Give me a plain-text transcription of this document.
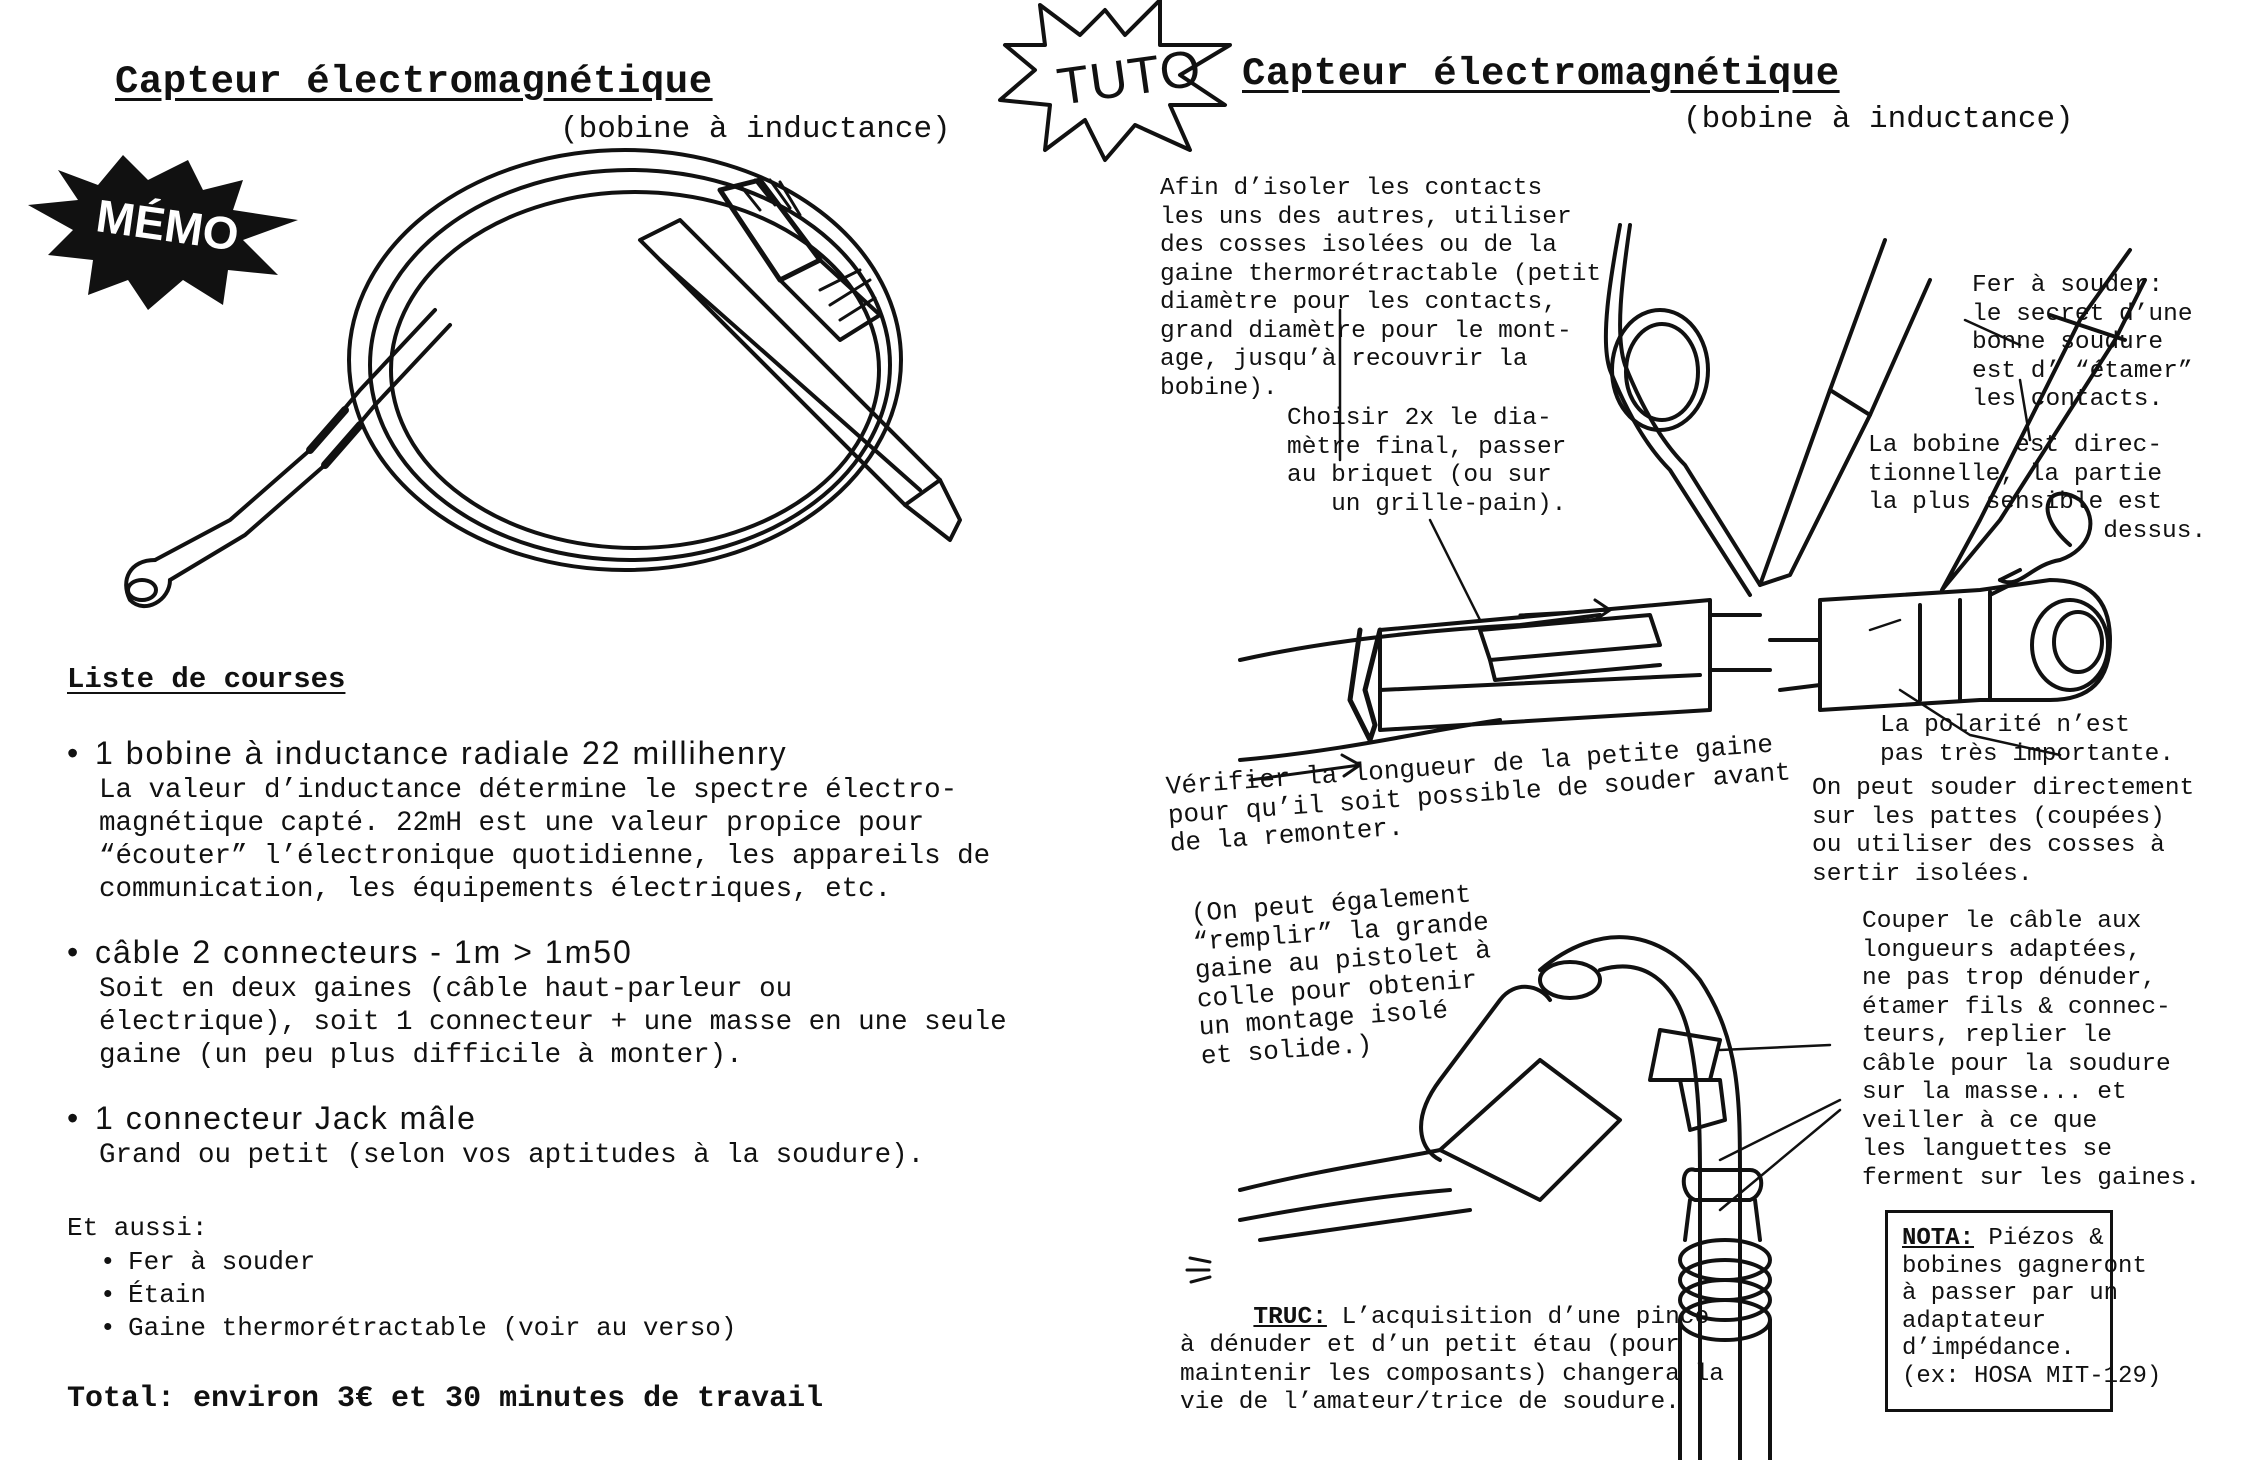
Capteur électromagnétique
(bobine à inductance)
MÉMO
Liste de courses
• 1 bobine à inductance radiale 22 millihenry
La valeur d’inductance détermine le spectre électro-
magnétique capté. 22mH est une valeur propice pour
“écouter” l’électronique quotidienne, les appareils de
communication, les équipements électriques, etc.
• câble 2 connecteurs - 1m > 1m50
Soit en deux gaines (câble haut-parleur ou
électrique), soit 1 connecteur + une masse en une seule
gaine (un peu plus difficile à monter).
• 1 connecteur Jack mâle
Grand ou petit (selon vos aptitudes à la soudure).
Et aussi:
• Fer à souder
• Étain
• Gaine thermorétractable (voir au verso)
Total: environ 3€ et 30 minutes de travail
TUTO Capteur électromagnétique
(bobine à inductance)
Afin d’isoler les contacts
les uns des autres, utiliser
des cosses isolées ou de la
gaine thermorétractable (petit
diamètre pour les contacts,
grand diamètre pour le mont-
age, jusqu’à recouvrir la
bobine).
Fer à souder:
le secret d’une
bonne soudure
est d’ “étamer”
les contacts.
Choisir 2x le dia-
mètre final, passer
au briquet (ou sur
un grille-pain).
La bobine est direc-
tionnelle, la partie
la plus sensible est
dessus.
La polarité n’est
pas très importante.
Vérifier la longueur de la petite gaine
pour qu’il soit possible de souder avant
de la remonter.
On peut souder directement
sur les pattes (coupées)
ou utiliser des cosses à
sertir isolées.
(On peut également
“remplir” la grande
gaine au pistolet à
colle pour obtenir
un montage isolé
et solide.)
Couper le câble aux
longueurs adaptées,
ne pas trop dénuder,
étamer fils & connec-
teurs, replier le
câble pour la soudure
sur la masse... et
veiller à ce que
les languettes se
ferment sur les gaines.

TRUC: L’acquisition d’une pince
à dénuder et d’un petit étau (pour
maintenir les composants) changera la
vie de l’amateur/trice de soudure.

NOTA: Piézos &
bobines gagneront
à passer par un
adaptateur
d’impédance.
(ex: HOSA MIT-129)
